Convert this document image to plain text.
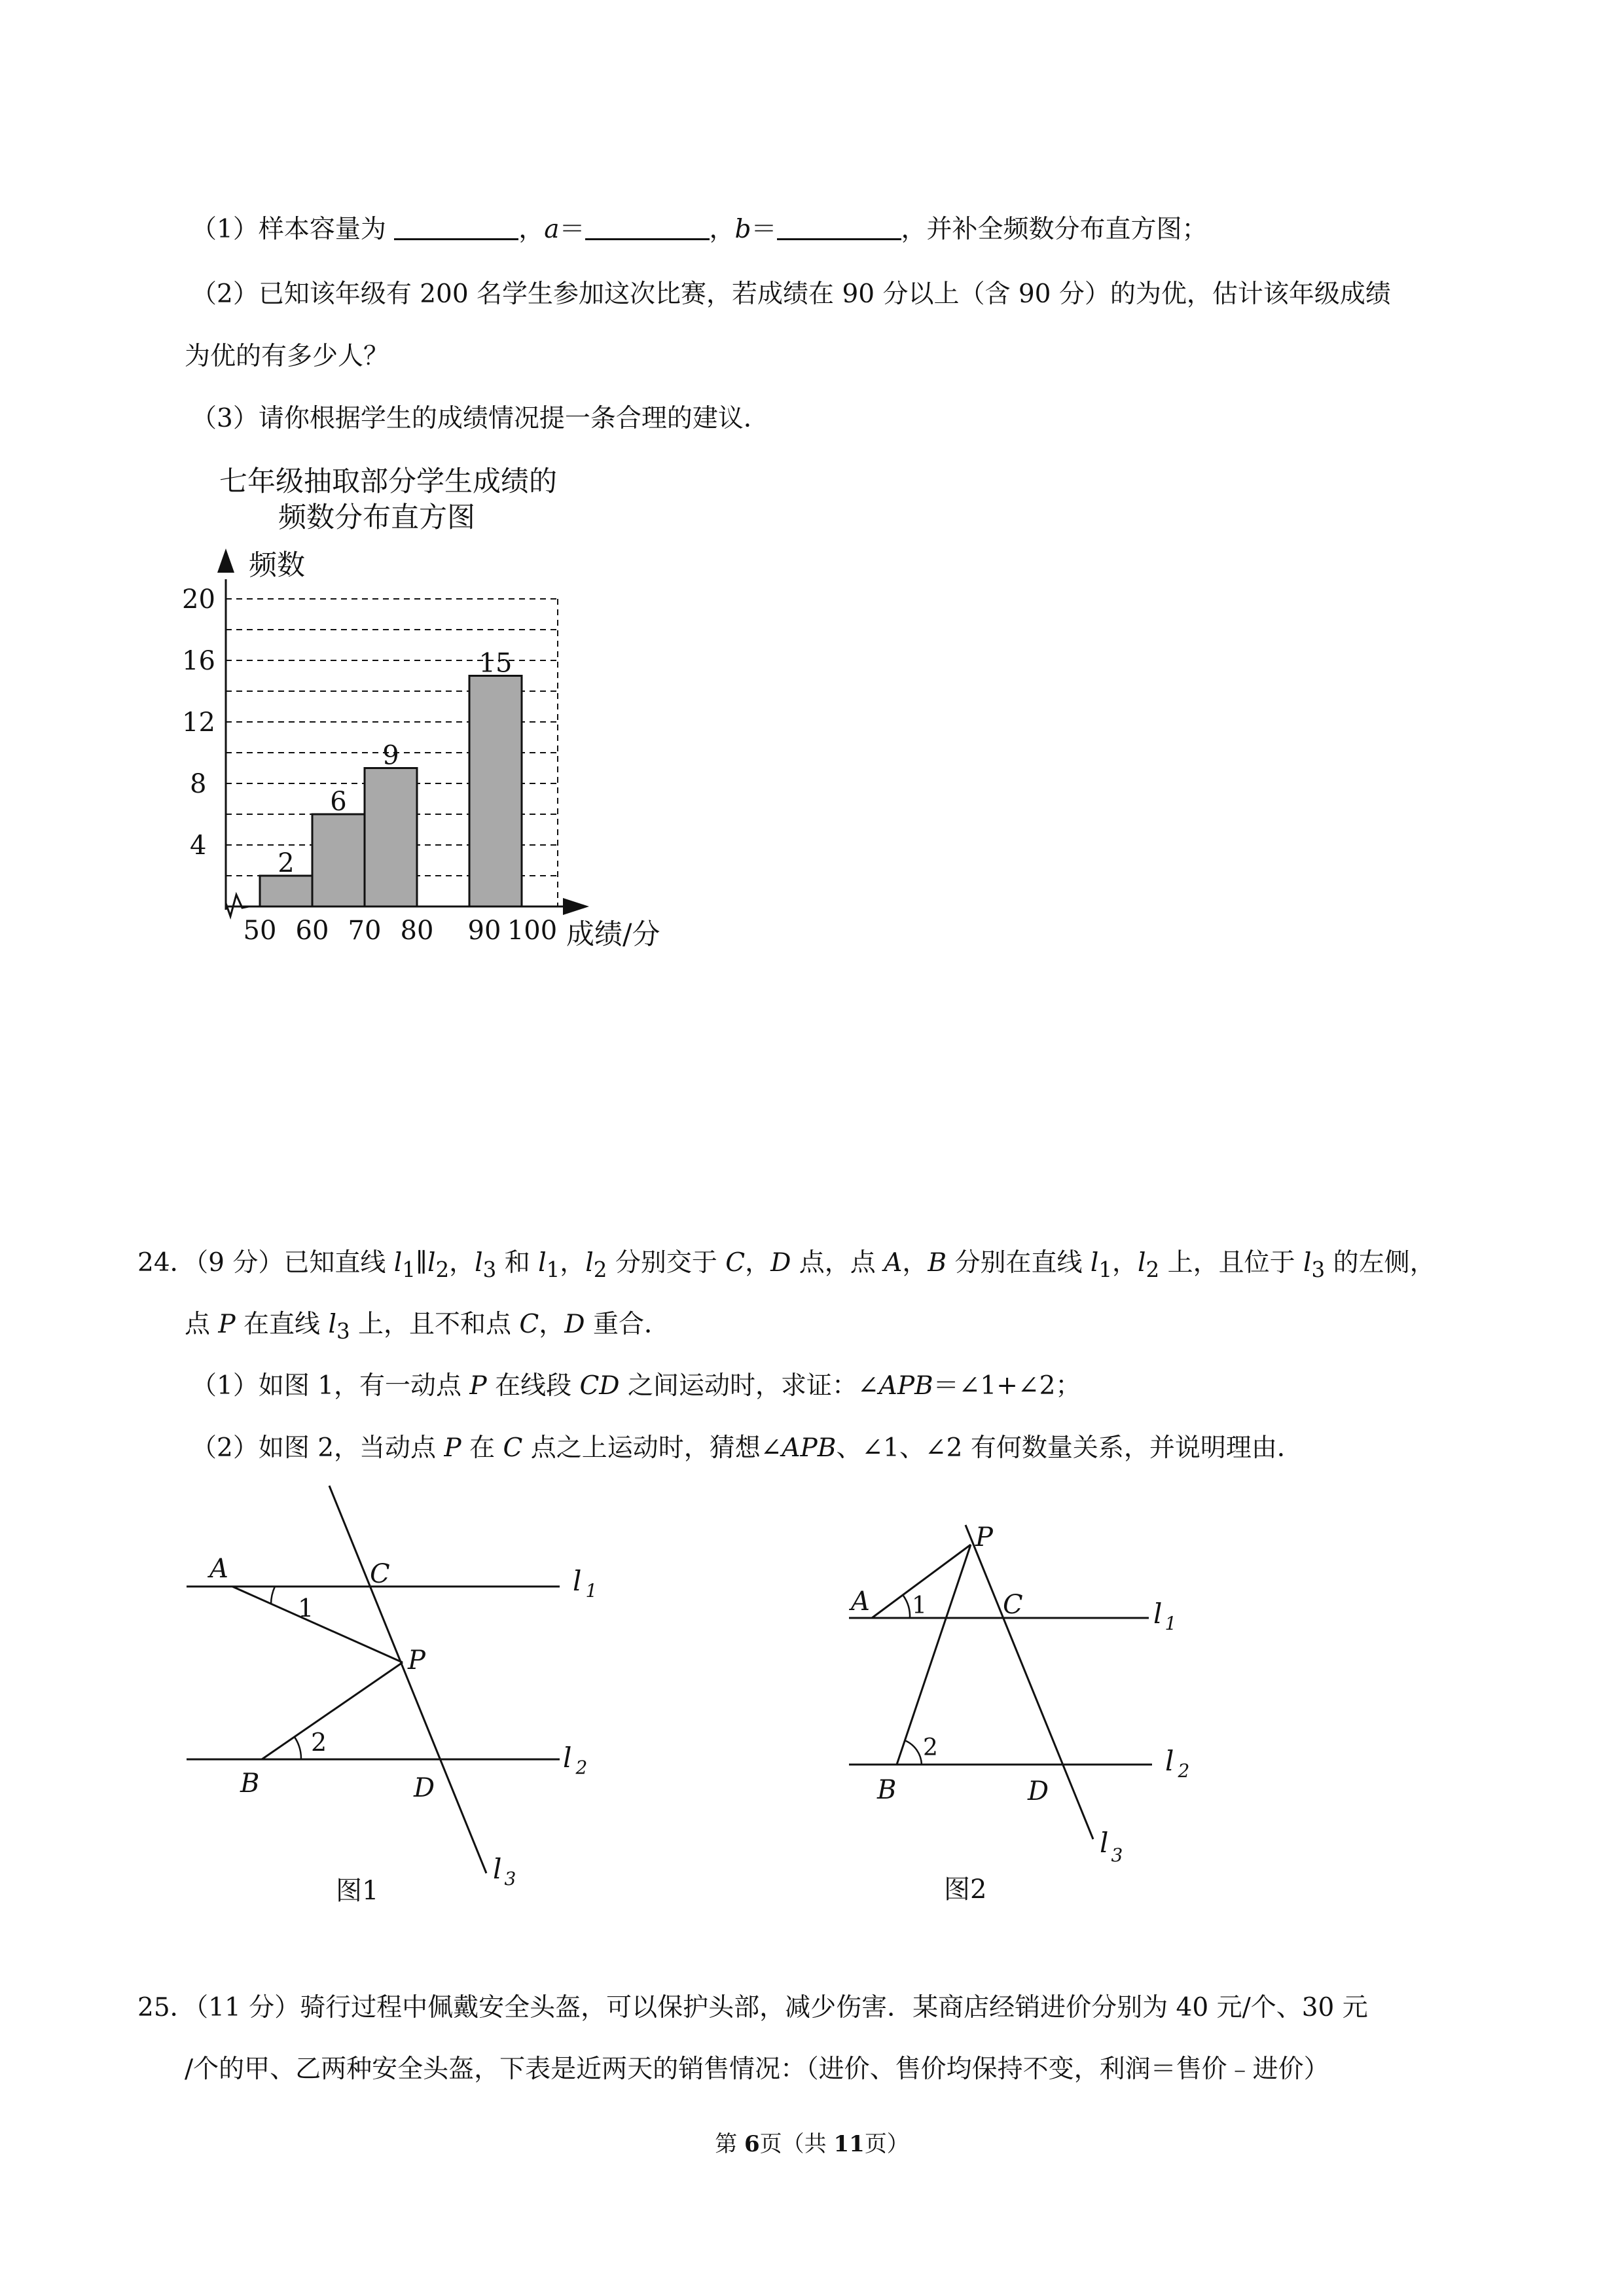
（1）样本容量为	，a＝	，b＝	，并补全频数分布直方图；
（2）已知该年级有 200 名学生参加这次比赛，若成绩在 90 分以上（含 90 分）的为优，估计该年级成绩
为优的有多少人？
（3）请你根据学生的成绩情况提一条合理的建议．
七年级抽取部分学生成绩的
频数分布直方图
频数
2
6
9
15
4
8
12
16
20
50 60 70 80 90 100 成绩/分
24．（9 分）已知直线 $l_1\parallel l_2$，$l_3$ 和 $l_1$，$l_2$ 分别交于 C，D 点，点 A，B 分别在直线 $l_1$，$l_2$ 上，且位于 $l_3$ 的左侧，
点 P 在直线 $l_3$ 上，且不和点 C，D 重合．
（1）如图 1，有一动点 P 在线段 CD 之间运动时，求证：∠APB＝∠1+∠2；
（2）如图 2，当动点 P 在 C 点之上运动时，猜想∠APB、∠1、∠2 有何数量关系，并说明理由．
A	C
P
B	D
1
2
l $_1$
l $_2$
l $_3$
图1
P
A	C
B	D
1
2
l $_1$
l $_2$
l $_3$
图2
25．（11 分）骑行过程中佩戴安全头盔，可以保护头部，减少伤害．某商店经销进价分别为 40 元/个、30 元
/个的甲、乙两种安全头盔，下表是近两天的销售情况：（进价、售价均保持不变，利润＝售价﹣进价）
第 6页（共 11页）
